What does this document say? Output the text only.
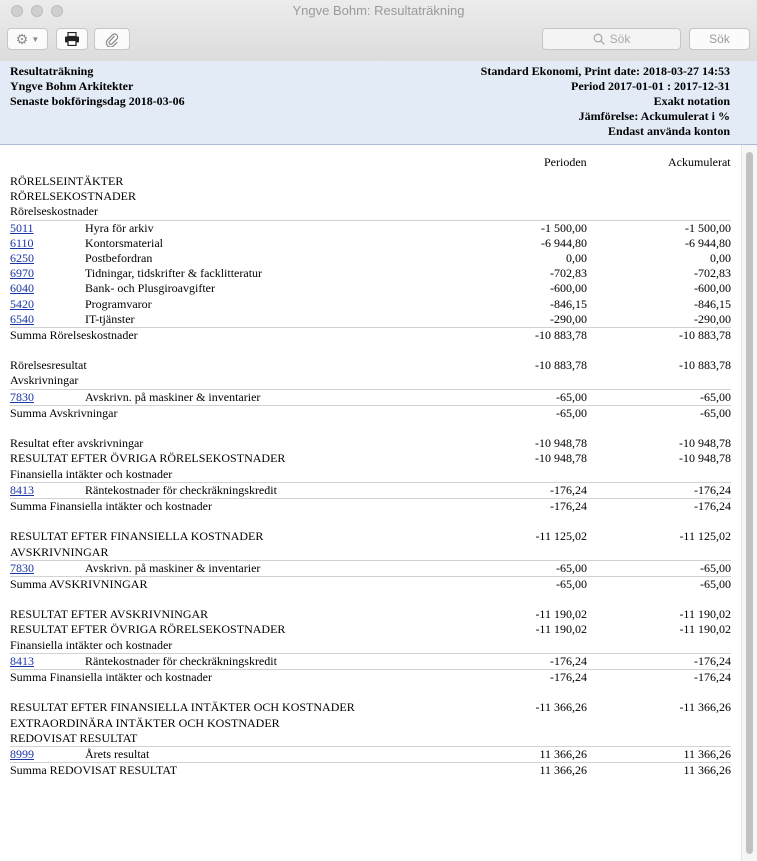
Yngve Bohm: Resultaträkning
⚙ ▼	Sök	Sök
Resultaträkning
Yngve Bohm Arkitekter
Senaste bokföringsdag 2018-03-06
Standard Ekonomi, Print date: 2018-03-27 14:53
Period 2017-01-01 : 2017-12-31
Exakt notation
Jämförelse: Ackumulerat i %
Endast använda konton
Perioden	Ackumulerat
RÖRELSEINTÄKTER
RÖRELSEKOSTNADER
Rörelseskostnader
5011	Hyra för arkiv	-1 500,00	-1 500,00
6110	Kontorsmaterial	-6 944,80	-6 944,80
6250	Postbefordran	0,00	0,00
6970	Tidningar, tidskrifter & facklitteratur	-702,83	-702,83
6040	Bank- och Plusgiroavgifter	-600,00	-600,00
5420	Programvaror	-846,15	-846,15
6540	IT-tjänster	-290,00	-290,00
Summa Rörelseskostnader	-10 883,78	-10 883,78
Rörelsesresultat	-10 883,78	-10 883,78
Avskrivningar
7830	Avskrivn. på maskiner & inventarier	-65,00	-65,00
Summa Avskrivningar	-65,00	-65,00
Resultat efter avskrivningar	-10 948,78	-10 948,78
RESULTAT EFTER ÖVRIGA RÖRELSEKOSTNADER	-10 948,78	-10 948,78
Finansiella intäkter och kostnader
8413	Räntekostnader för checkräkningskredit	-176,24	-176,24
Summa Finansiella intäkter och kostnader	-176,24	-176,24
RESULTAT EFTER FINANSIELLA KOSTNADER	-11 125,02	-11 125,02
AVSKRIVNINGAR
7830	Avskrivn. på maskiner & inventarier	-65,00	-65,00
Summa AVSKRIVNINGAR	-65,00	-65,00
RESULTAT EFTER AVSKRIVNINGAR	-11 190,02	-11 190,02
RESULTAT EFTER ÖVRIGA RÖRELSEKOSTNADER	-11 190,02	-11 190,02
Finansiella intäkter och kostnader
8413	Räntekostnader för checkräkningskredit	-176,24	-176,24
Summa Finansiella intäkter och kostnader	-176,24	-176,24
RESULTAT EFTER FINANSIELLA INTÄKTER OCH KOSTNADER	-11 366,26	-11 366,26
EXTRAORDINÄRA INTÄKTER OCH KOSTNADER
REDOVISAT RESULTAT
8999	Årets resultat	11 366,26	11 366,26
Summa REDOVISAT RESULTAT	11 366,26	11 366,26
